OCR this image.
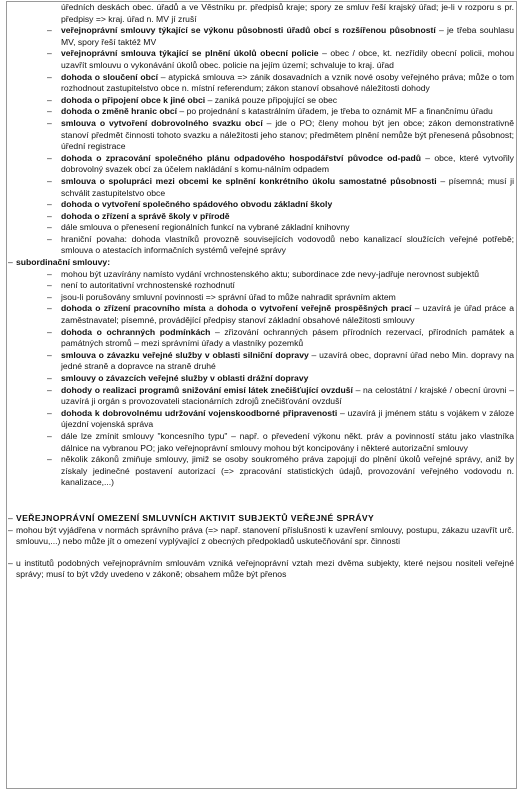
úředních deskách obec. úřadů a ve Věstníku pr. předpisů kraje; spory ze smluv řeší krajský úřad; je-li v rozporu s pr. předpisy => kraj. úřad n. MV jí zruší
– veřejnoprávní smlouvy týkající se výkonu působnosti úřadů obcí s rozšířenou působností – je třeba souhlasu MV, spory řeší taktéž MV
– veřejnoprávní smlouva týkající se plnění úkolů obecní policie – obec / obce, kt. nezřídily obecní policii, mohou uzavřít smlouvu o vykonávání úkolů obec. policie na jejím území; schvaluje to kraj. úřad
– dohoda o sloučení obcí – atypická smlouva => zánik dosavadních a vznik nové osoby veřejného práva; může o tom rozhodnout zastupitelstvo obce n. místní referendum; zákon stanoví obsahové náležitosti dohody
– dohoda o připojení obce k jiné obci – zaniká pouze připojující se obec
– dohoda o změně hranic obcí – po projednání s katastrálním úřadem, je třeba to oznámit MF a finančnímu úřadu
– smlouva o vytvoření dobrovolného svazku obcí – jde o PO; členy mohou být jen obce; zákon demonstrativně stanoví předmět činnosti tohoto svazku a náležitosti jeho stanov; předmětem plnění nemůže být přenesená působnost; úřední registrace
– dohoda o zpracování společného plánu odpadového hospodářství původce od-padů – obce, které vytvořily dobrovolný svazek obcí za účelem nakládání s komu-nálním odpadem
– smlouva o spolupráci mezi obcemi ke splnění konkrétního úkolu samostatné působnosti – písemná; musí ji schválit zastupitelstvo obce
– dohoda o vytvoření společného spádového obvodu základní školy
– dohoda o zřízení a správě školy v přírodě
– dále smlouva o přenesení regionálních funkcí na vybrané základní knihovny
– hraniční povaha: dohoda vlastníků provozně souvisejících vodovodů nebo kanalizací sloužících veřejné potřebě; smlouva o atestacích informačních systémů veřejné správy
– subordinační smlouvy:
– mohou být uzavírány namísto vydání vrchnostenského aktu; subordinace zde nevy-jadřuje nerovnost subjektů
– není to autoritativní vrchnostenské rozhodnutí
– jsou-li porušovány smluvní povinnosti => správní úřad to může nahradit správním aktem
– dohoda o zřízení pracovního místa a dohoda o vytvoření veřejně prospěšných prací – uzavírá je úřad práce a zaměstnavatel; písemné, provádějící předpisy stanoví základní obsahové náležitosti smlouvy
– dohoda o ochranných podmínkách – zřizování ochranných pásem přírodních rezervací, přírodních památek a památných stromů – mezi správními úřady a vlastníky pozemků
– smlouva o závazku veřejné služby v oblasti silniční dopravy – uzavírá obec, dopravní úřad nebo Min. dopravy na jedné straně a dopravce na straně druhé
– smlouvy o závazcích veřejné služby v oblasti drážní dopravy
– dohody o realizaci programů snižování emisí látek znečišťující ovzduší – na celostátní / krajské / obecní úrovni – uzavírá ji orgán s provozovateli stacionárních zdrojů znečišťování ovzduší
– dohoda k dobrovolnému udržování vojenskoodborné připravenosti – uzavírá ji jménem státu s vojákem v záloze újezdní vojenská správa
– dále lze zmínit smlouvy "koncesního typu" – např. o převedení výkonu někt. práv a povinností státu jako vlastníka dálnice na vybranou PO; jako veřejnoprávní smlouvy mohou být koncipovány i některé autorizační smlouvy
– několik zákonů zmiňuje smlouvy, jimiž se osoby soukromého práva zapojují do plnění úkolů veřejné správy, aniž by získaly jedinečné postavení autorizací (=> zpracování statistických údajů, provozování veřejného vodovodu n. kanalizace,...)
– VEŘEJNOPRÁVNÍ OMEZENÍ SMLUVNÍCH AKTIVIT SUBJEKTŮ VEŘEJNÉ SPRÁVY
– mohou být vyjádřena v normách správního práva (=> např. stanovení příslušnosti k uzavření smlouvy, postupu, zákazu uzavřít urč. smlouvu,...) nebo může jít o omezení vyplývající z obecných předpokladů uskutečňování spr. činnosti
– u institutů podobných veřejnoprávním smlouvám vzniká veřejnoprávní vztah mezi dvěma subjekty, které nejsou nositeli veřejné správy; musí to být vždy uvedeno v zákoně; obsahem může být přenos
